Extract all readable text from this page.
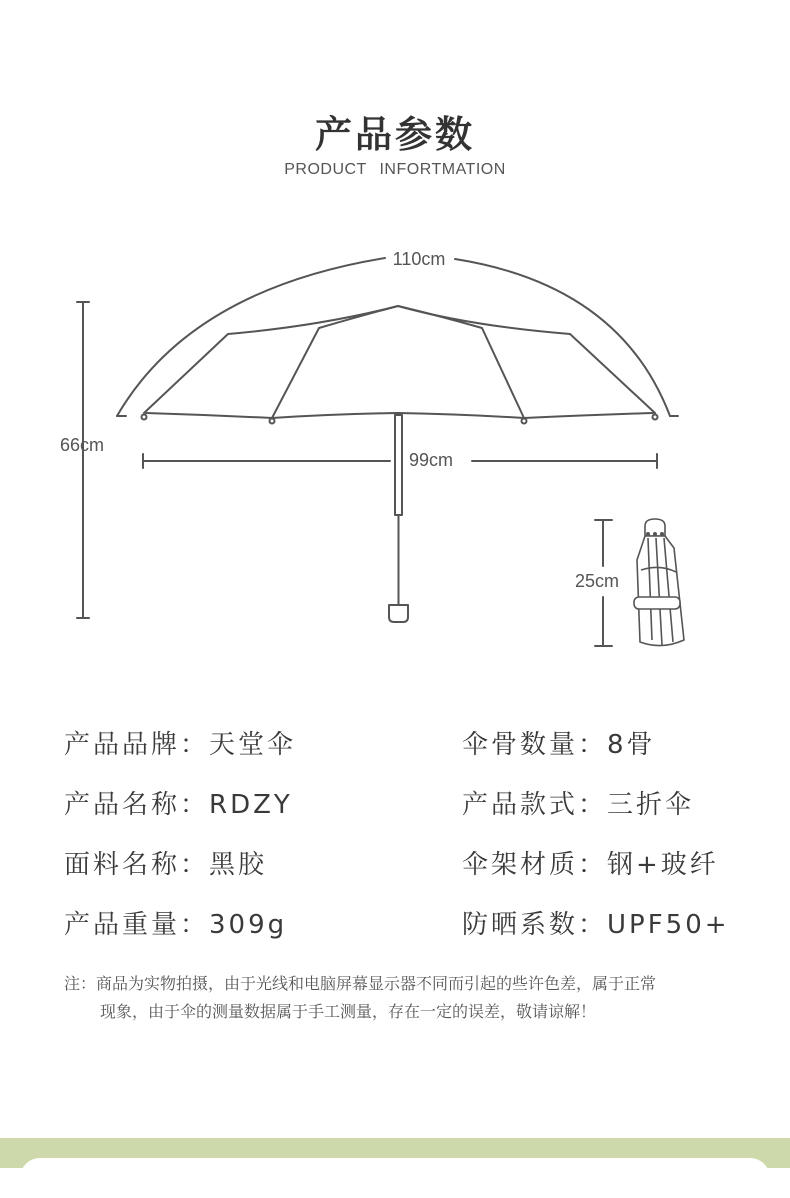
产品参数
PRODUCT INFORTMATION
110cm
66cm
99cm
25cm
产品品牌：天堂伞
产品名称：RDZY
面料名称：黑胶
产品重量：309g
伞骨数量：8骨
产品款式：三折伞
伞架材质：钢+玻纤
防晒系数：UPF50+
注：商品为实物拍摄，由于光线和电脑屏幕显示器不同而引起的些许色差，属于正常
现象，由于伞的测量数据属于手工测量，存在一定的误差，敬请谅解！
